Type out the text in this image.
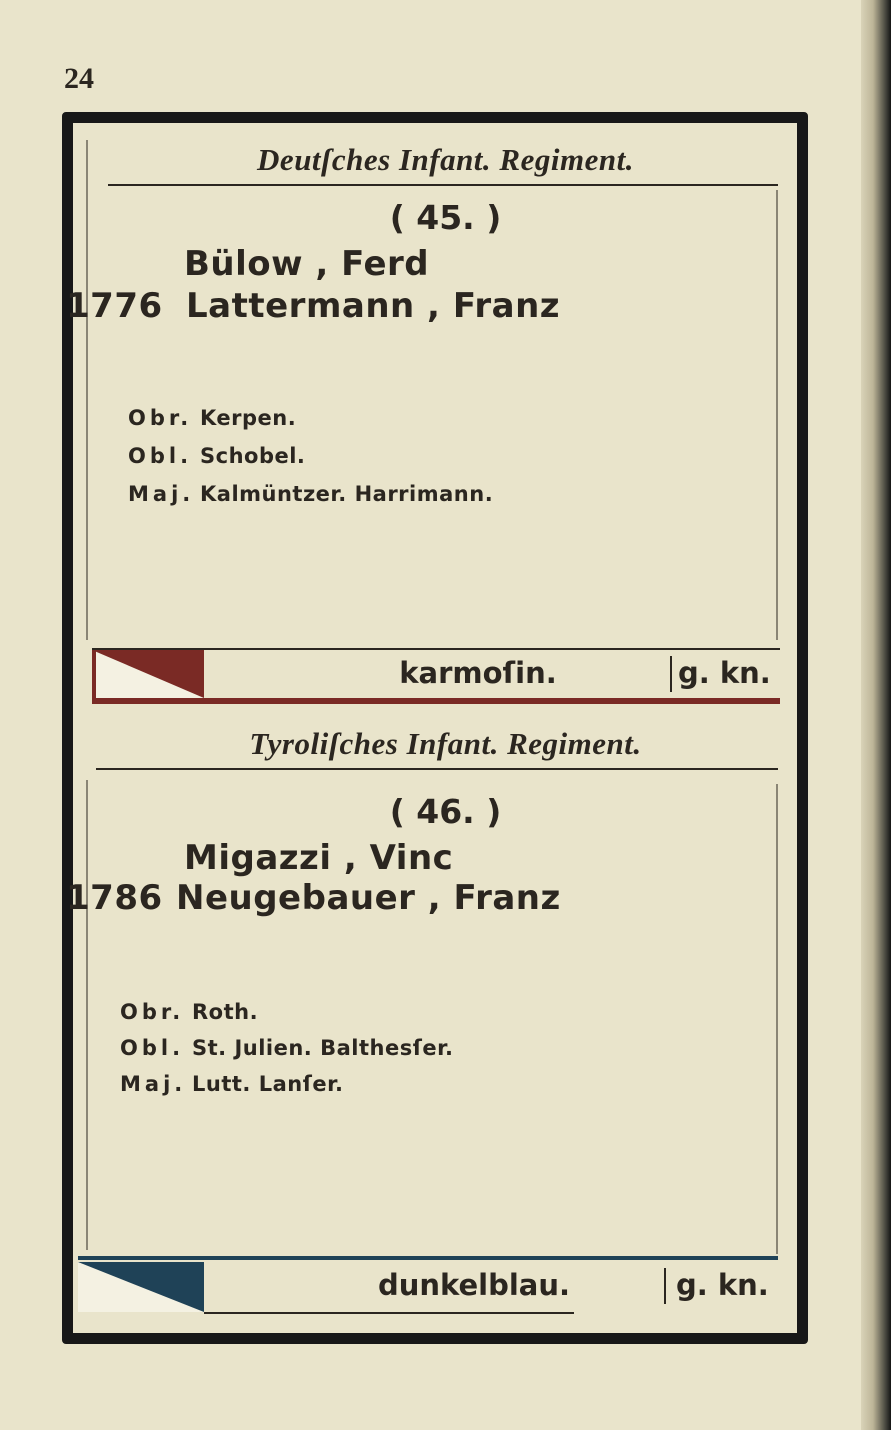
24
Deutſches Infant. Regiment.
( 45. )
Bülow , Ferd
1776 Lattermann , Franz
Obr. Kerpen.
Obl. Schobel.
Maj. Kalmüntzer. Harrimann.
karmoſin.	g. kn.
Tyroliſches Infant. Regiment.
( 46. )
Migazzi , Vinc
1786 Neugebauer , Franz
Obr. Roth.
Obl. St. Julien. Balthesſer.
Maj. Lutt. Lanſer.
dunkelblau.	g. kn.
